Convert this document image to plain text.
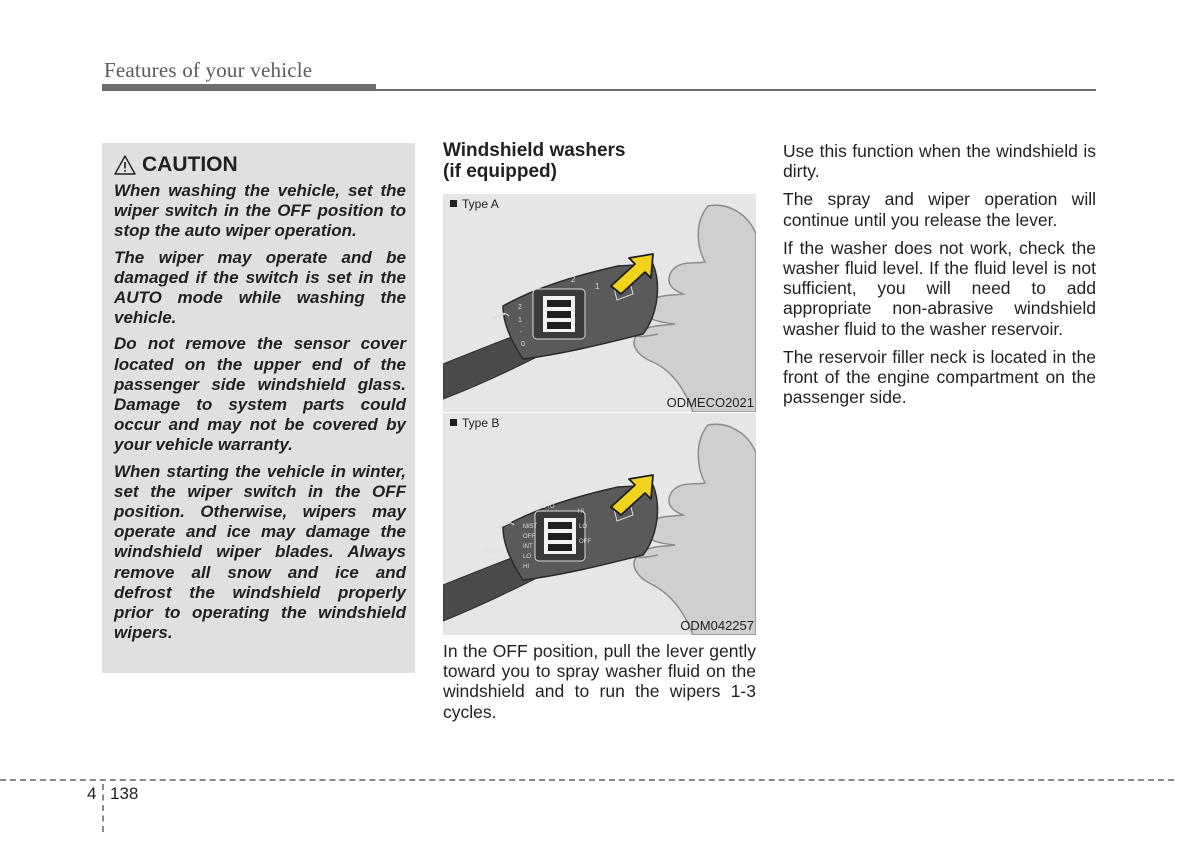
Features of your vehicle
CAUTION

When washing the vehicle, set the wiper switch in the OFF position to stop the auto wiper operation.

The wiper may operate and be damaged if the switch is set in the AUTO mode while washing the vehicle.

Do not remove the sensor cover located on the upper end of the passenger side windshield glass. Damage to system parts could occur and may not be covered by your vehicle warranty.

When starting the vehicle in winter, set the wiper switch in the OFF position. Otherwise, wipers may operate and ice may damage the windshield wiper blades. Always remove all snow and ice and defrost the windshield properly prior to operating the windshield wipers.

Windshield washers

(if equipped)

2
1
-
0
1
2
Type A
ODMECO2021
AUTO
HI
LO
OFF
MIST
OFF
INT
LO
HI
FRONT
Type B
ODM042257

In the OFF position, pull the lever gently toward you to spray washer fluid on the windshield and to run the wipers 1-3 cycles.

Use this function when the windshield is dirty.

The spray and wiper operation will continue until you release the lever.

If the washer does not work, check the washer fluid level. If the fluid level is not sufficient, you will need to add appropriate non-abrasive windshield washer fluid to the washer reservoir.

The reservoir filler neck is located in the front of the engine compartment on the passenger side.

4 138
